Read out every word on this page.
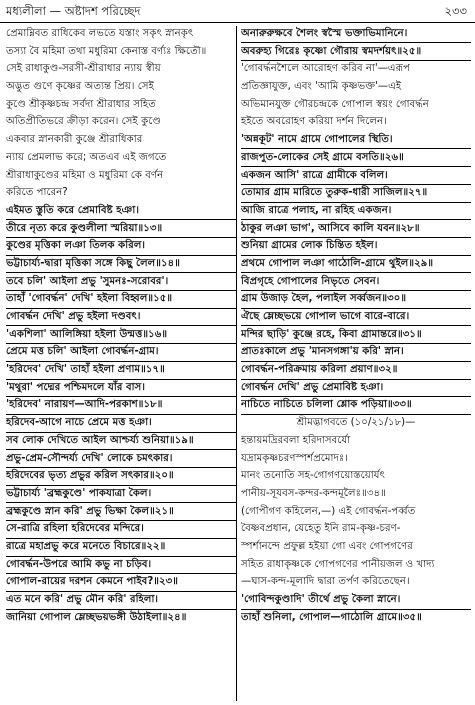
মধ্যলীলা — অষ্টাদশ পরিচ্ছেদ	২৩৩
প্রেমাম্নিবত রাধিকেব লভতে যস্তাং সকৃৎ স্নানকৃৎ
তস্যা বৈ মহিমা তথা মধুরিমা কেনাস্ত বর্ণ্যঃ ক্ষিতৌ॥
সেই রাধাকুণ্ড-সরসী-শ্রীরাধার ন্যায় স্বীয়
অদ্ভুত গুণে কৃষ্ণের অত্যন্ত প্রিয়। সেই
কুণ্ডে শ্রীকৃষ্ণচন্দ্র সর্বদা শ্রীরাধার সহিত
অতিপ্রীতিভরে ক্রীড়া করেন। সেই কুণ্ডে
একবার স্নানকারী কুঞ্জে শ্রীরাধিকার
ন্যায় প্রেমলাভ করে; অতএব এই জগতে
শ্রীরাধাকুণ্ডের মহিমা ও মধুরিমা কে বর্ণন
করিতে পারেন?
এইমত স্তুতি করে প্রেমাবিষ্ট হঞা।
তীরে নৃত্য করে কুণ্ডলীলা স্মরিয়া॥১৩॥
কুণ্ডের মৃত্তিকা লঞা তিলক করিল।
ভট্টাচার্য্য-দ্বারা মৃত্তিকা সঙ্গে কিছু লৈল॥১৪॥
তবে চলি' আইলা প্রভু 'সুমনঃ-সরোবর'।
তাহাঁ 'গোবর্দ্ধন' দেখি' হইলা বিহ্বল॥১৫॥
গোবর্দ্ধন দেখি' প্রভু হইলা দণ্ডবৎ।
'একশিলা' আলিঙ্গিয়া হইলা উন্মত্ত॥১৬॥
প্রেমে মত্ত চলি' আইলা গোবর্দ্ধন-গ্রাম।
'হরিদেব' দেখি' তাহাঁ হইলা প্রণাম॥১৭॥
'মথুরা' পদ্মের পশ্চিমদলে যাঁর বাস।
'হরিদেব' নারায়ণ—আদি-পরকাশ॥১৮॥
হরিদেব-আগে নাচে প্রেমে মত্ত হঞা।
সব লোক দেখিতে আইল আশ্চর্য্য শুনিয়া॥১৯॥
প্রভু-প্রেম-সৌন্দর্য্য দেখি' লোকে চমৎকার।
হরিদেবের ভৃত্য প্রভুর করিল সৎকার॥২০॥
ভট্টাচার্য্য 'ব্রহ্মকুণ্ডে' পাকযাত্রা কৈল।
ব্রহ্মকুণ্ডে স্নান করি' প্রভু ভিক্ষা কৈল॥২১॥
সে-রাত্রি রহিলা হরিদেবের মন্দিরে।
রাত্রে মহাপ্রভু করে মনেতে বিচারে॥২২॥
গোবর্দ্ধন-উপরে আমি কভু না চড়িব।
গোপাল-রায়ের দরশন কেমনে পাইব?॥২৩॥
এত মনে করি' প্রভু মৌন করি' রহিলা।
জানিয়া গোপাল ম্লেচ্ছভয়ভঙ্গী উঠাইলা॥২৪॥
অনারুরুক্ষবে শৈলং স্বস্মৈ ভক্তাভিমানিনে।
অবরুহ্য গিরেঃ কৃষ্ণো গৌরায় স্বমদর্শয়ৎ॥২৫॥
'গোবর্দ্ধনশৈলে আরোহণ করিব না'—এরূপ
প্রতিজ্ঞাযুক্ত, এবং 'আমি কৃষ্ণভক্ত'—এই
অভিমানযুক্ত গৌরচন্দ্রকে গোপাল স্বয়ং গোবর্দ্ধন
হইতে অবরোহণ করিয়া দর্শন দিলেন।
'অন্নকূট' নামে গ্রামে গোপালের স্থিতি।
রাজপুত-লোকের সেই গ্রামে বসতি॥২৬॥
একজন আসি' রাত্রে গ্রামীকে বলিল।
তোমার গ্রাম মারিতে তুরুক-ধারী সাজিল॥২৭॥
আজি রাত্রে পলাহ, না রহিহ একজন।
ঠাকুর লঞা ভাগ', আসিবে কালি যবন॥২৮॥
শুনিয়া গ্রামের লোক চিন্তিত হইল।
প্রথমে গোপাল লঞা গাঠোলি-গ্রামে থুইল॥২৯॥
বিপ্রগৃহে গোপালের নিভৃতে সেবন।
গ্রাম উজাড় হৈল, পলাইল সর্ব্বজন॥৩০॥
ঐছে ম্লেচ্ছভয়ে গোপাল ভাগে বারে-বারে।
মন্দির ছাড়ি' কুঞ্জে রহে, কিবা গ্রামান্তরে॥৩১॥
প্রাতঃকালে প্রভু 'মানসগঙ্গা'য় করি' স্নান।
গোবর্দ্ধন-পরিক্রমায় করিলা প্রয়াণ॥৩২॥
গোবর্দ্ধন দেখি' প্রভু প্রেমাবিষ্ট হঞা।
নাচিতে নাচিতে চলিলা শ্লোক পড়িয়া॥৩৩॥
শ্রীমদ্ভাগবতে (১০/২১/১৮)—
হন্তায়মদ্রিরবলা হরিদাসবর্যো
যদ্রামকৃষ্ণচরণস্পর্শপ্রমোদঃ।
মানং তনোতি সহ-গোগণয়োস্তয়োর্যৎ
পানীয়-সূযবস-কন্দর-কন্দমূলৈঃ॥৩৪॥
(গোপীগণ কহিলেন,—) এই গোবর্দ্ধন-পর্ব্বত
বৈষ্ণবপ্রধান, যেহেতু ইনি রাম-কৃষ্ণ-চরণ-
স্পর্শানন্দে প্রফুল্ল হইয়া গো এবং গোপগণের
সহিত রাধাকৃষ্ণকে গোপগণের পানীয়জল ও খাদ্য
—ঘাস-কন্দ-মূলাদি দ্বারা তর্পণ করিতেছেন।
'গোবিন্দকুণ্ডাদি' তীর্থে প্রভু কৈলা স্নানে।
তাহাঁ শুনিলা, গোপাল—গাঠোলি গ্রামে॥৩৫॥
